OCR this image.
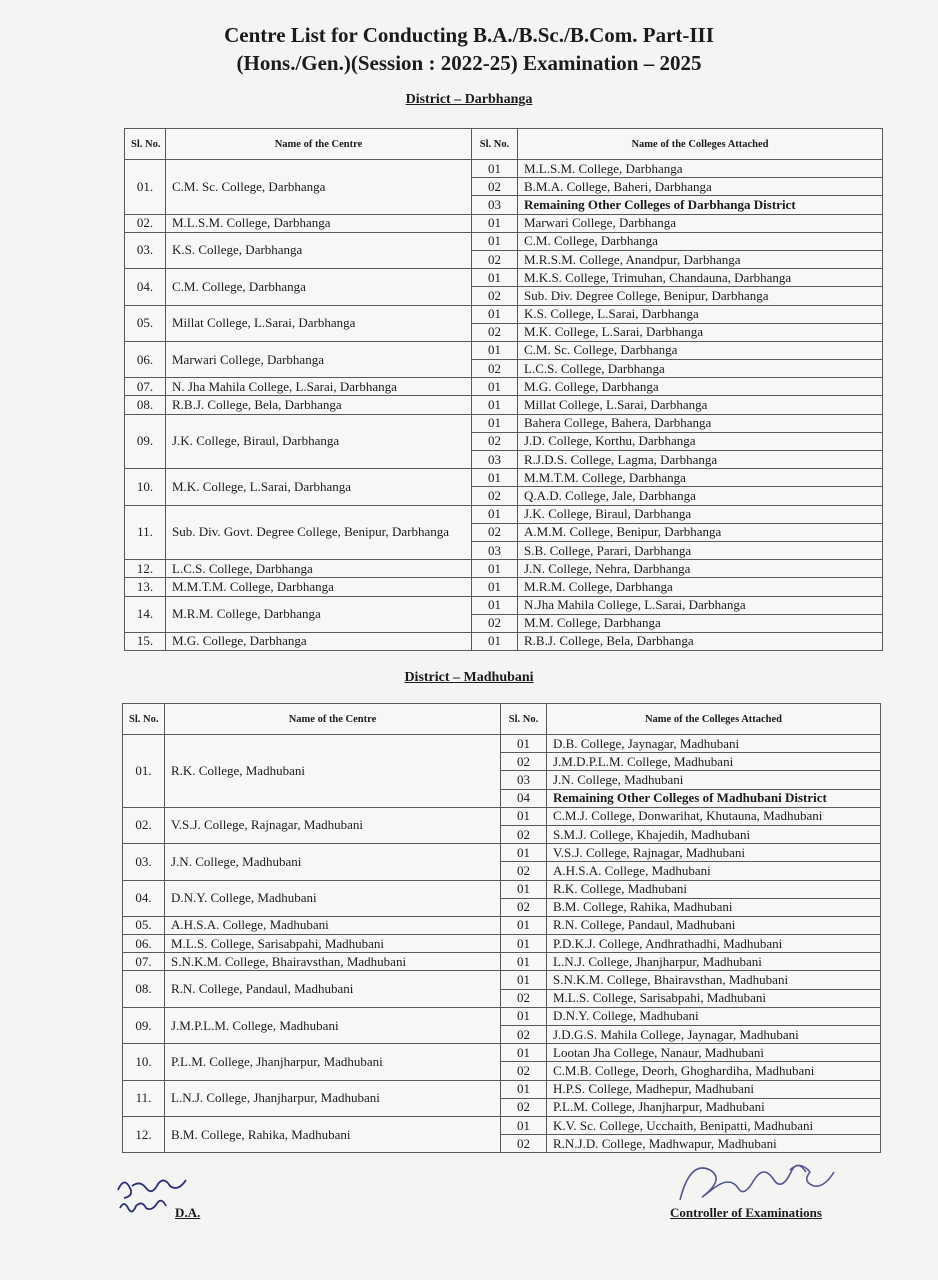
Centre List for Conducting B.A./B.Sc./B.Com. Part-III
(Hons./Gen.)(Session : 2022-25) Examination – 2025
District – Darbhanga
Sl. No.	Name of the Centre	Sl. No.	Name of the Colleges Attached
01.	C.M. Sc. College, Darbhanga	01	M.L.S.M. College, Darbhanga
		02	B.M.A. College, Baheri, Darbhanga
		03	Remaining Other Colleges of Darbhanga District
02.	M.L.S.M. College, Darbhanga	01	Marwari College, Darbhanga
03.	K.S. College, Darbhanga	01	C.M. College, Darbhanga
		02	M.R.S.M. College, Anandpur, Darbhanga
04.	C.M. College, Darbhanga	01	M.K.S. College, Trimuhan, Chandauna, Darbhanga
		02	Sub. Div. Degree College, Benipur, Darbhanga
05.	Millat College, L.Sarai, Darbhanga	01	K.S. College, L.Sarai, Darbhanga
		02	M.K. College, L.Sarai, Darbhanga
06.	Marwari College, Darbhanga	01	C.M. Sc. College, Darbhanga
		02	L.C.S. College, Darbhanga
07.	N. Jha Mahila College, L.Sarai, Darbhanga	01	M.G. College, Darbhanga
08.	R.B.J. College, Bela, Darbhanga	01	Millat College, L.Sarai, Darbhanga
09.	J.K. College, Biraul, Darbhanga	01	Bahera College, Bahera, Darbhanga
		02	J.D. College, Korthu, Darbhanga
		03	R.J.D.S. College, Lagma, Darbhanga
10.	M.K. College, L.Sarai, Darbhanga	01	M.M.T.M. College, Darbhanga
		02	Q.A.D. College, Jale, Darbhanga
11.	Sub. Div. Govt. Degree College, Benipur, Darbhanga	01	J.K. College, Biraul, Darbhanga
		02	A.M.M. College, Benipur, Darbhanga
		03	S.B. College, Parari, Darbhanga
12.	L.C.S. College, Darbhanga	01	J.N. College, Nehra, Darbhanga
13.	M.M.T.M. College, Darbhanga	01	M.R.M. College, Darbhanga
14.	M.R.M. College, Darbhanga	01	N.Jha Mahila College, L.Sarai, Darbhanga
		02	M.M. College, Darbhanga
15.	M.G. College, Darbhanga	01	R.B.J. College, Bela, Darbhanga
District – Madhubani
Sl. No.	Name of the Centre	Sl. No.	Name of the Colleges Attached
01.	R.K. College, Madhubani	01	D.B. College, Jaynagar, Madhubani
		02	J.M.D.P.L.M. College, Madhubani
		03	J.N. College, Madhubani
		04	Remaining Other Colleges of Madhubani District
02.	V.S.J. College, Rajnagar, Madhubani	01	C.M.J. College, Donwarihat, Khutauna, Madhubani
		02	S.M.J. College, Khajedih, Madhubani
03.	J.N. College, Madhubani	01	V.S.J. College, Rajnagar, Madhubani
		02	A.H.S.A. College, Madhubani
04.	D.N.Y. College, Madhubani	01	R.K. College, Madhubani
		02	B.M. College, Rahika, Madhubani
05.	A.H.S.A. College, Madhubani	01	R.N. College, Pandaul, Madhubani
06.	M.L.S. College, Sarisabpahi, Madhubani	01	P.D.K.J. College, Andhrathadhi, Madhubani
07.	S.N.K.M. College, Bhairavsthan, Madhubani	01	L.N.J. College, Jhanjharpur, Madhubani
08.	R.N. College, Pandaul, Madhubani	01	S.N.K.M. College, Bhairavsthan, Madhubani
		02	M.L.S. College, Sarisabpahi, Madhubani
09.	J.M.P.L.M. College, Madhubani	01	D.N.Y. College, Madhubani
		02	J.D.G.S. Mahila College, Jaynagar, Madhubani
10.	P.L.M. College, Jhanjharpur, Madhubani	01	Lootan Jha College, Nanaur, Madhubani
		02	C.M.B. College, Deorh, Ghoghardiha, Madhubani
11.	L.N.J. College, Jhanjharpur, Madhubani	01	H.P.S. College, Madhepur, Madhubani
		02	P.L.M. College, Jhanjharpur, Madhubani
12.	B.M. College, Rahika, Madhubani	01	K.V. Sc. College, Ucchaith, Benipatti, Madhubani
		02	R.N.J.D. College, Madhwapur, Madhubani
D.A.	Controller of Examinations
